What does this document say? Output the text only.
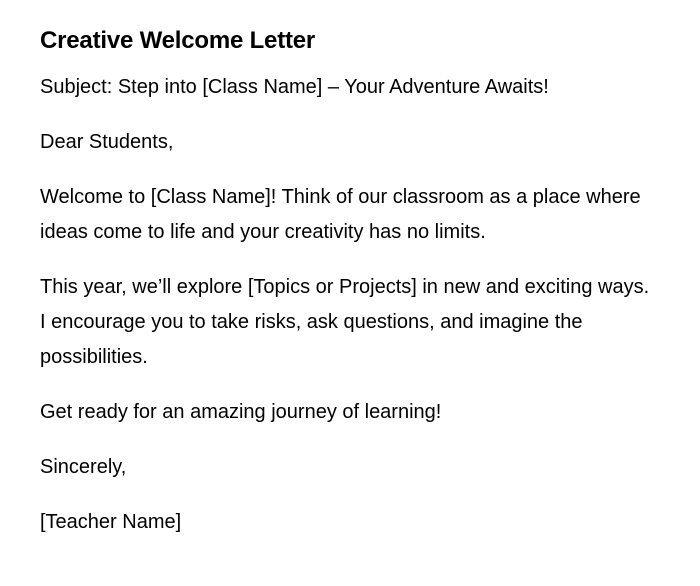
Creative Welcome Letter

Subject: Step into [Class Name] – Your Adventure Awaits!

Dear Students,

Welcome to [Class Name]! Think of our classroom as a place where ideas come to life and your creativity has no limits.

This year, we’ll explore [Topics or Projects] in new and exciting ways. I encourage you to take risks, ask questions, and imagine the possibilities.

Get ready for an amazing journey of learning!

Sincerely,

[Teacher Name]
